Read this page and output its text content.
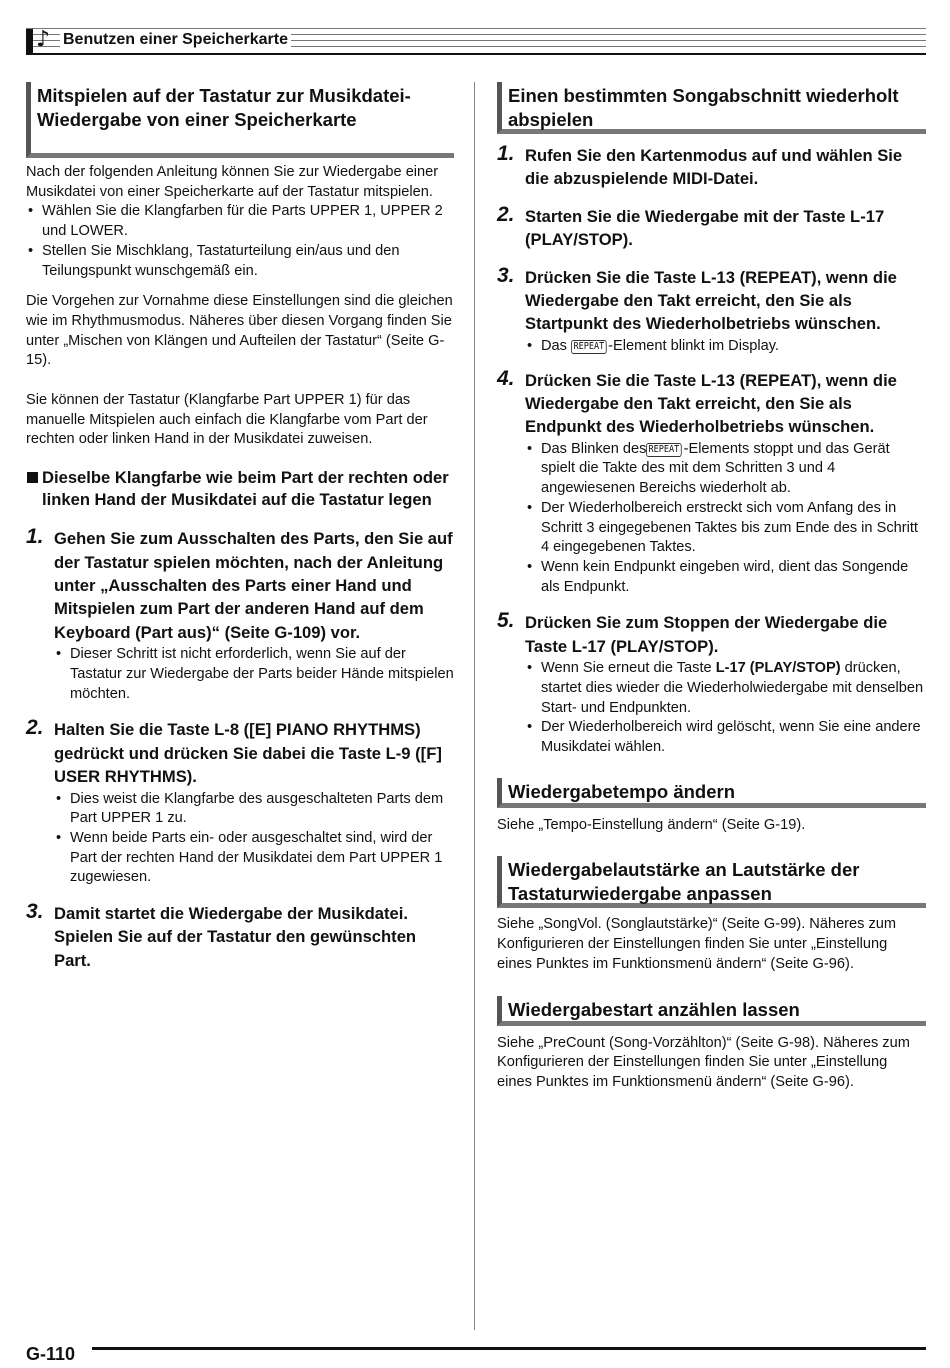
♪ Benutzen einer Speicherkarte
Mitspielen auf der Tastatur zur Musikdatei-Wiedergabe von einer Speicherkarte

Nach der folgenden Anleitung können Sie zur Wiedergabe einer Musikdatei von einer Speicherkarte auf der Tastatur mitspielen.

• Wählen Sie die Klangfarben für die Parts UPPER 1, UPPER 2 und LOWER.
• Stellen Sie Mischklang, Tastaturteilung ein/aus und den Teilungspunkt wunschgemäß ein.

Die Vorgehen zur Vornahme diese Einstellungen sind die gleichen wie im Rhythmusmodus. Näheres über diesen Vorgang finden Sie unter „Mischen von Klängen und Aufteilen der Tastatur“ (Seite G-15).

Sie können der Tastatur (Klangfarbe Part UPPER 1) für das manuelle Mitspielen auch einfach die Klangfarbe vom Part der rechten oder linken Hand in der Musikdatei zuweisen.

Dieselbe Klangfarbe wie beim Part der rechten oder linken Hand der Musikdatei auf die Tastatur legen
1. Gehen Sie zum Ausschalten des Parts, den Sie auf der Tastatur spielen möchten, nach der Anleitung unter „Ausschalten des Parts einer Hand und Mitspielen zum Part der anderen Hand auf dem Keyboard (Part aus)“ (Seite G-109) vor.
• Dieser Schritt ist nicht erforderlich, wenn Sie auf der Tastatur zur Wiedergabe der Parts beider Hände mitspielen möchten.
2. Halten Sie die Taste L-8 ([E] PIANO RHYTHMS) gedrückt und drücken Sie dabei die Taste L-9 ([F] USER RHYTHMS).
• Dies weist die Klangfarbe des ausgeschalteten Parts dem Part UPPER 1 zu.
• Wenn beide Parts ein- oder ausgeschaltet sind, wird der Part der rechten Hand der Musikdatei dem Part UPPER 1 zugewiesen.
3. Damit startet die Wiedergabe der Musikdatei. Spielen Sie auf der Tastatur den gewünschten Part.
Einen bestimmten Songabschnitt wiederholt abspielen
1. Rufen Sie den Kartenmodus auf und wählen Sie die abzuspielende MIDI-Datei.
2. Starten Sie die Wiedergabe mit der Taste L-17 (PLAY/STOP).
3. Drücken Sie die Taste L-13 (REPEAT), wenn die Wiedergabe den Takt erreicht, den Sie als Startpunkt des Wiederholbetriebs wünschen.
• Das REPEAT -Element blinkt im Display.
4. Drücken Sie die Taste L-13 (REPEAT), wenn die Wiedergabe den Takt erreicht, den Sie als Endpunkt des Wiederholbetriebs wünschen.
• Das Blinken des REPEAT -Elements stoppt und das Gerät spielt die Takte des mit dem Schritten 3 und 4 angewiesenen Bereichs wiederholt ab.
• Der Wiederholbereich erstreckt sich vom Anfang des in Schritt 3 eingegebenen Taktes bis zum Ende des in Schritt 4 eingegebenen Taktes.
• Wenn kein Endpunkt eingeben wird, dient das Songende als Endpunkt.
5. Drücken Sie zum Stoppen der Wiedergabe die Taste L-17 (PLAY/STOP).
• Wenn Sie erneut die Taste L-17 (PLAY/STOP) drücken, startet dies wieder die Wiederholwiedergabe mit denselben Start- und Endpunkten.
• Der Wiederholbereich wird gelöscht, wenn Sie eine andere Musikdatei wählen.
Wiedergabetempo ändern

Siehe „Tempo-Einstellung ändern“ (Seite G-19).

Wiedergabelautstärke an Lautstärke der Tastaturwiedergabe anpassen

Siehe „SongVol. (Songlautstärke)“ (Seite G-99). Näheres zum Konfigurieren der Einstellungen finden Sie unter „Einstellung eines Punktes im Funktionsmenü ändern“ (Seite G-96).

Wiedergabestart anzählen lassen

Siehe „PreCount (Song-Vorzählton)“ (Seite G-98). Näheres zum Konfigurieren der Einstellungen finden Sie unter „Einstellung eines Punktes im Funktionsmenü ändern“ (Seite G-96).

G-110
